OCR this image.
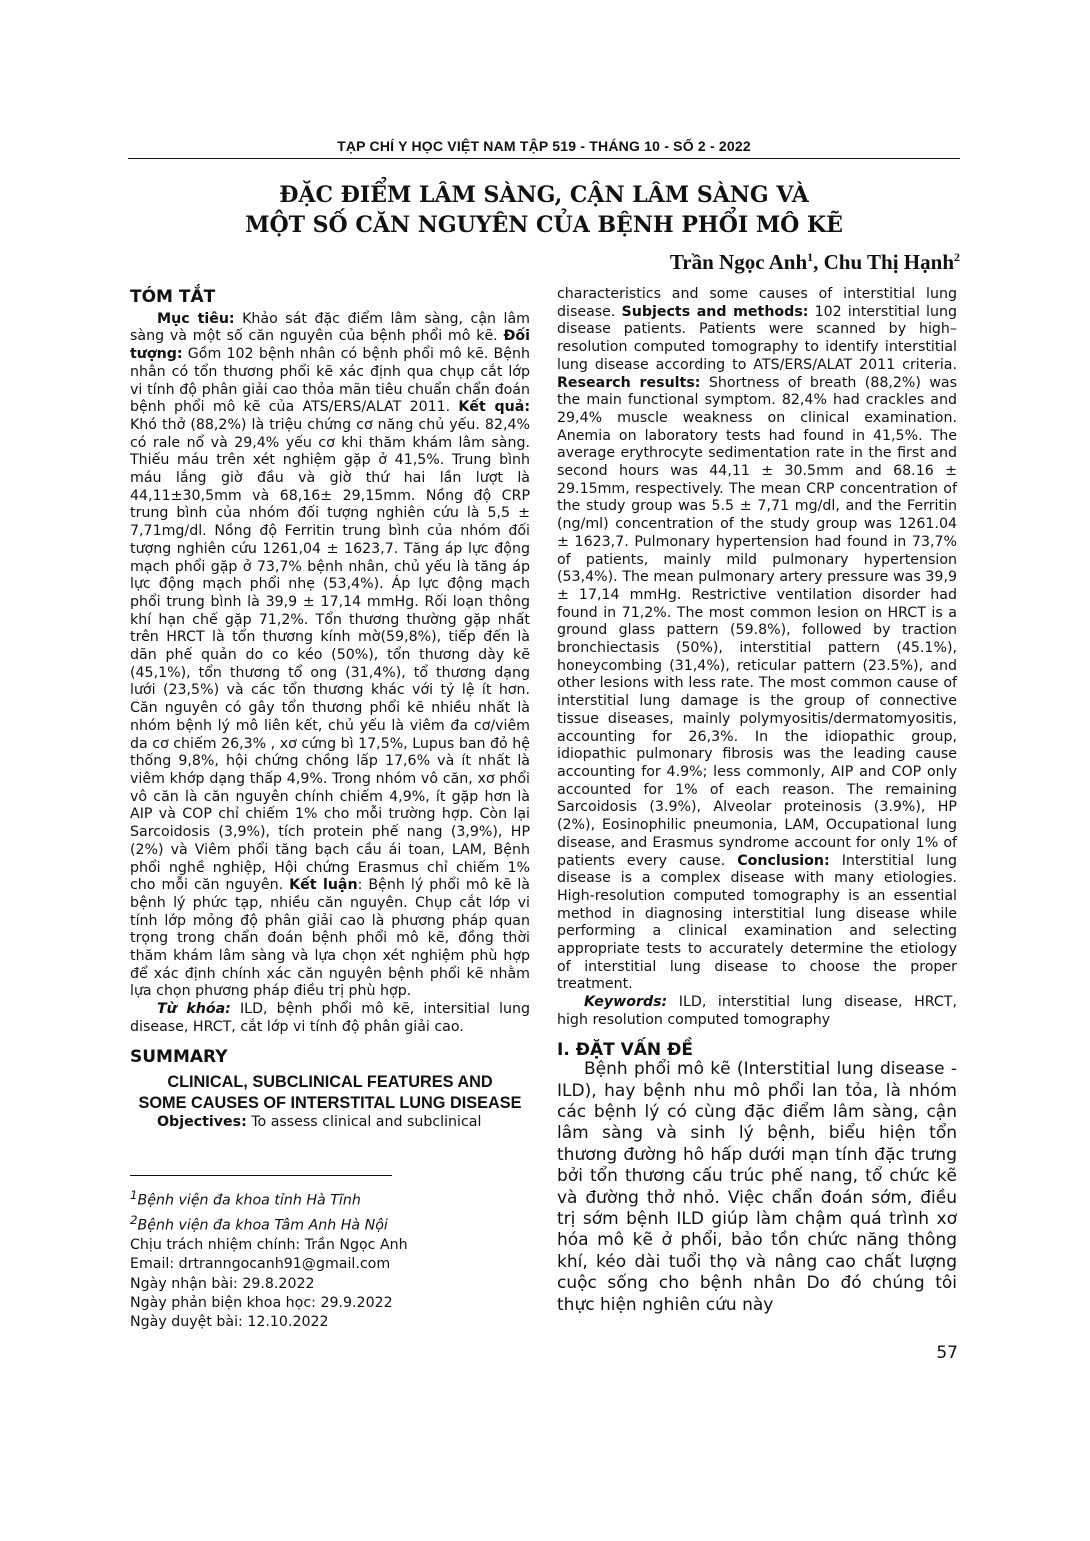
TẠP CHÍ Y HỌC VIỆT NAM TẬP 519 - THÁNG 10 - SỐ 2 - 2022
ĐẶC ĐIỂM LÂM SÀNG, CẬN LÂM SÀNG VÀ
MỘT SỐ CĂN NGUYÊN CỦA BỆNH PHỔI MÔ KẼ
Trần Ngọc Anh$^1$, Chu Thị Hạnh$^2$
TÓM TẮT

Mục tiêu: Khảo sát đặc điểm lâm sàng, cận lâm sàng và một số căn nguyên của bệnh phổi mô kẽ. Đối tượng: Gồm 102 bệnh nhân có bệnh phổi mô kẽ. Bệnh nhân có tổn thương phổi kẽ xác định qua chụp cắt lớp vi tính độ phân giải cao thỏa mãn tiêu chuẩn chẩn đoán bệnh phổi mô kẽ của ATS/ERS/ALAT 2011. Kết quả: Khó thở (88,2%) là triệu chứng cơ năng chủ yếu. 82,4% có rale nổ và 29,4% yếu cơ khi thăm khám lâm sàng. Thiếu máu trên xét nghiệm gặp ở 41,5%. Trung bình máu lắng giờ đầu và giờ thứ hai lần lượt là 44,11±30,5mm và 68,16± 29,15mm. Nồng độ CRP trung bình của nhóm đối tượng nghiên cứu là 5,5 ± 7,71mg/dl. Nồng độ Ferritin trung bình của nhóm đối tượng nghiên cứu 1261,04 ± 1623,7. Tăng áp lực động mạch phổi gặp ở 73,7% bệnh nhân, chủ yếu là tăng áp lực động mạch phổi nhẹ (53,4%). Áp lực động mạch phổi trung bình là 39,9 ± 17,14 mmHg. Rối loạn thông khí hạn chế gặp 71,2%. Tổn thương thường gặp nhất trên HRCT là tổn thương kính mờ(59,8%), tiếp đến là dãn phế quản do co kéo (50%), tổn thương dày kẽ (45,1%), tổn thương tổ ong (31,4%), tổ thương dạng lưới (23,5%) và các tổn thương khác với tỷ lệ ít hơn. Căn nguyên có gây tổn thương phổi kẽ nhiều nhất là nhóm bệnh lý mô liên kết, chủ yếu là viêm đa cơ/viêm da cơ chiếm 26,3% , xơ cứng bì 17,5%, Lupus ban đỏ hệ thống 9,8%, hội chứng chồng lấp 17,6% và ít nhất là viêm khớp dạng thấp 4,9%. Trong nhóm vô căn, xơ phổi vô căn là căn nguyên chính chiếm 4,9%, ít gặp hơn là AIP và COP chỉ chiếm 1% cho mỗi trường hợp. Còn lại Sarcoidosis (3,9%), tích protein phế nang (3,9%), HP (2%) và Viêm phổi tăng bạch cầu ái toan, LAM, Bệnh phổi nghề nghiệp, Hội chứng Erasmus chỉ chiếm 1% cho mỗi căn nguyên. Kết luận: Bệnh lý phổi mô kẽ là bệnh lý phức tạp, nhiều căn nguyên. Chụp cắt lớp vi tính lớp mỏng độ phân giải cao là phương pháp quan trọng trong chẩn đoán bệnh phổi mô kẽ, đồng thời thăm khám lâm sàng và lựa chọn xét nghiệm phù hợp để xác định chính xác căn nguyên bệnh phổi kẽ nhằm lựa chọn phương pháp điều trị phù hợp.

Từ khóa: ILD, bệnh phổi mô kẽ, intersitial lung disease, HRCT, cắt lớp vi tính độ phân giải cao.

SUMMARY
CLINICAL, SUBCLINICAL FEATURES AND
SOME CAUSES OF INTERSTITAL LUNG DISEASE

Objectives: To assess clinical and subclinical

$^1$Bệnh viện đa khoa tỉnh Hà Tĩnh
$^2$Bệnh viện đa khoa Tâm Anh Hà Nội
Chịu trách nhiệm chính: Trần Ngọc Anh
Email: drtranngocanh91@gmail.com
Ngày nhận bài: 29.8.2022
Ngày phản biện khoa học: 29.9.2022
Ngày duyệt bài: 12.10.2022

characteristics and some causes of interstitial lung disease. Subjects and methods: 102 interstitial lung disease patients. Patients were scanned by high–resolution computed tomography to identify interstitial lung disease according to ATS/ERS/ALAT 2011 criteria. Research results: Shortness of breath (88,2%) was the main functional symptom. 82,4% had crackles and 29,4% muscle weakness on clinical examination. Anemia on laboratory tests had found in 41,5%. The average erythrocyte sedimentation rate in the first and second hours was 44,11 ± 30.5mm and 68.16 ± 29.15mm, respectively. The mean CRP concentration of the study group was 5.5 ± 7,71 mg/dl, and the Ferritin (ng/ml) concentration of the study group was 1261.04 ± 1623,7. Pulmonary hypertension had found in 73,7% of patients, mainly mild pulmonary hypertension (53,4%). The mean pulmonary artery pressure was 39,9 ± 17,14 mmHg. Restrictive ventilation disorder had found in 71,2%. The most common lesion on HRCT is a ground glass pattern (59.8%), followed by traction bronchiectasis (50%), interstitial pattern (45.1%), honeycombing (31,4%), reticular pattern (23.5%), and other lesions with less rate. The most common cause of interstitial lung damage is the group of connective tissue diseases, mainly polymyositis/dermatomyositis, accounting for 26,3%. In the idiopathic group, idiopathic pulmonary fibrosis was the leading cause accounting for 4.9%; less commonly, AIP and COP only accounted for 1% of each reason. The remaining Sarcoidosis (3.9%), Alveolar proteinosis (3.9%), HP (2%), Eosinophilic pneumonia, LAM, Occupational lung disease, and Erasmus syndrome account for only 1% of patients every cause. Conclusion: Interstitial lung disease is a complex disease with many etiologies. High-resolution computed tomography is an essential method in diagnosing interstitial lung disease while performing a clinical examination and selecting appropriate tests to accurately determine the etiology of interstitial lung disease to choose the proper treatment.

Keywords: ILD, interstitial lung disease, HRCT, high resolution computed tomography

I. ĐẶT VẤN ĐỀ

Bệnh phổi mô kẽ (Interstitial lung disease - ILD), hay bệnh nhu mô phổi lan tỏa, là nhóm các bệnh lý có cùng đặc điểm lâm sàng, cận lâm sàng và sinh lý bệnh, biểu hiện tổn thương đường hô hấp dưới mạn tính đặc trưng bởi tổn thương cấu trúc phế nang, tổ chức kẽ và đường thở nhỏ. Việc chẩn đoán sớm, điều trị sớm bệnh ILD giúp làm chậm quá trình xơ hóa mô kẽ ở phổi, bảo tồn chức năng thông khí, kéo dài tuổi thọ và nâng cao chất lượng cuộc sống cho bệnh nhân Do đó chúng tôi thực hiện nghiên cứu này

57
